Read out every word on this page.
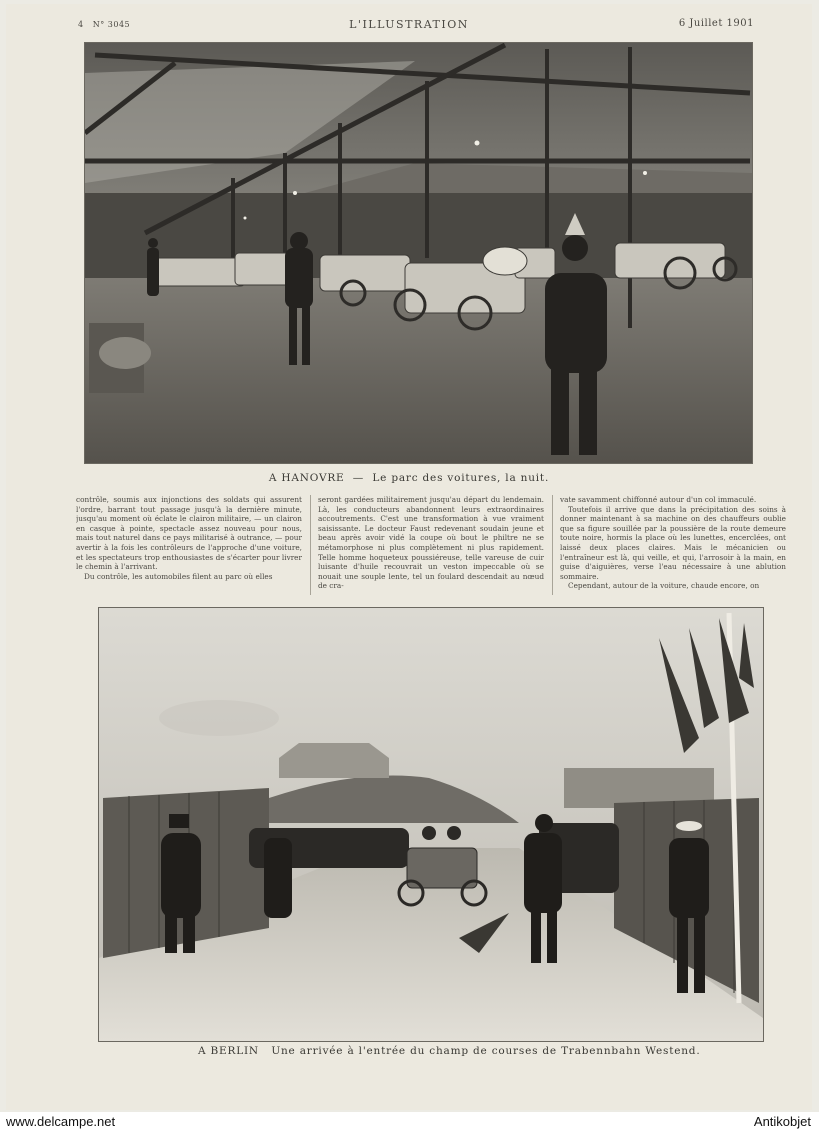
4 N° 3045	L'ILLUSTRATION	6 Juillet 1901
A HANOVRE — Le parc des voitures, la nuit.

contrôle, soumis aux injonctions des soldats qui assurent l'ordre, barrant tout passage jusqu'à la dernière minute, jusqu'au moment où éclate le clairon militaire, — un clairon en casque à pointe, spectacle assez nouveau pour nous, mais tout naturel dans ce pays militarisé à outrance, — pour avertir à la fois les contrôleurs de l'approche d'une voiture, et les spectateurs trop enthousiastes de s'écarter pour livrer le chemin à l'arrivant.

Du contrôle, les automobiles filent au parc où elles

seront gardées militairement jusqu'au départ du lendemain. Là, les conducteurs abandonnent leurs extraordinaires accoutrements. C'est une transformation à vue vraiment saisissante. Le docteur Faust redevenant soudain jeune et beau après avoir vidé la coupe où bout le philtre ne se métamorphose ni plus complètement ni plus rapidement. Telle homme hoqueteux poussiéreuse, telle vareuse de cuir luisante d'huile recouvrait un veston impeccable où se nouait une souple lente, tel un foulard descendait au nœud de cra-

vate savamment chiffonné autour d'un col immaculé.

Toutefois il arrive que dans la précipitation des soins à donner maintenant à sa machine on des chauffeurs oublie que sa figure souillée par la poussière de la route demeure toute noire, hormis la place où les lunettes, encerclées, ont laissé deux places claires. Mais le mécanicien ou l'entraîneur est là, qui veille, et qui, l'arrosoir à la main, en guise d'aiguières, verse l'eau nécessaire à une ablution sommaire.

Cependant, autour de la voiture, chaude encore, on

A BERLIN Une arrivée à l'entrée du champ de courses de Trabennbahn Westend.
www.delcampe.net	Antikobjet
